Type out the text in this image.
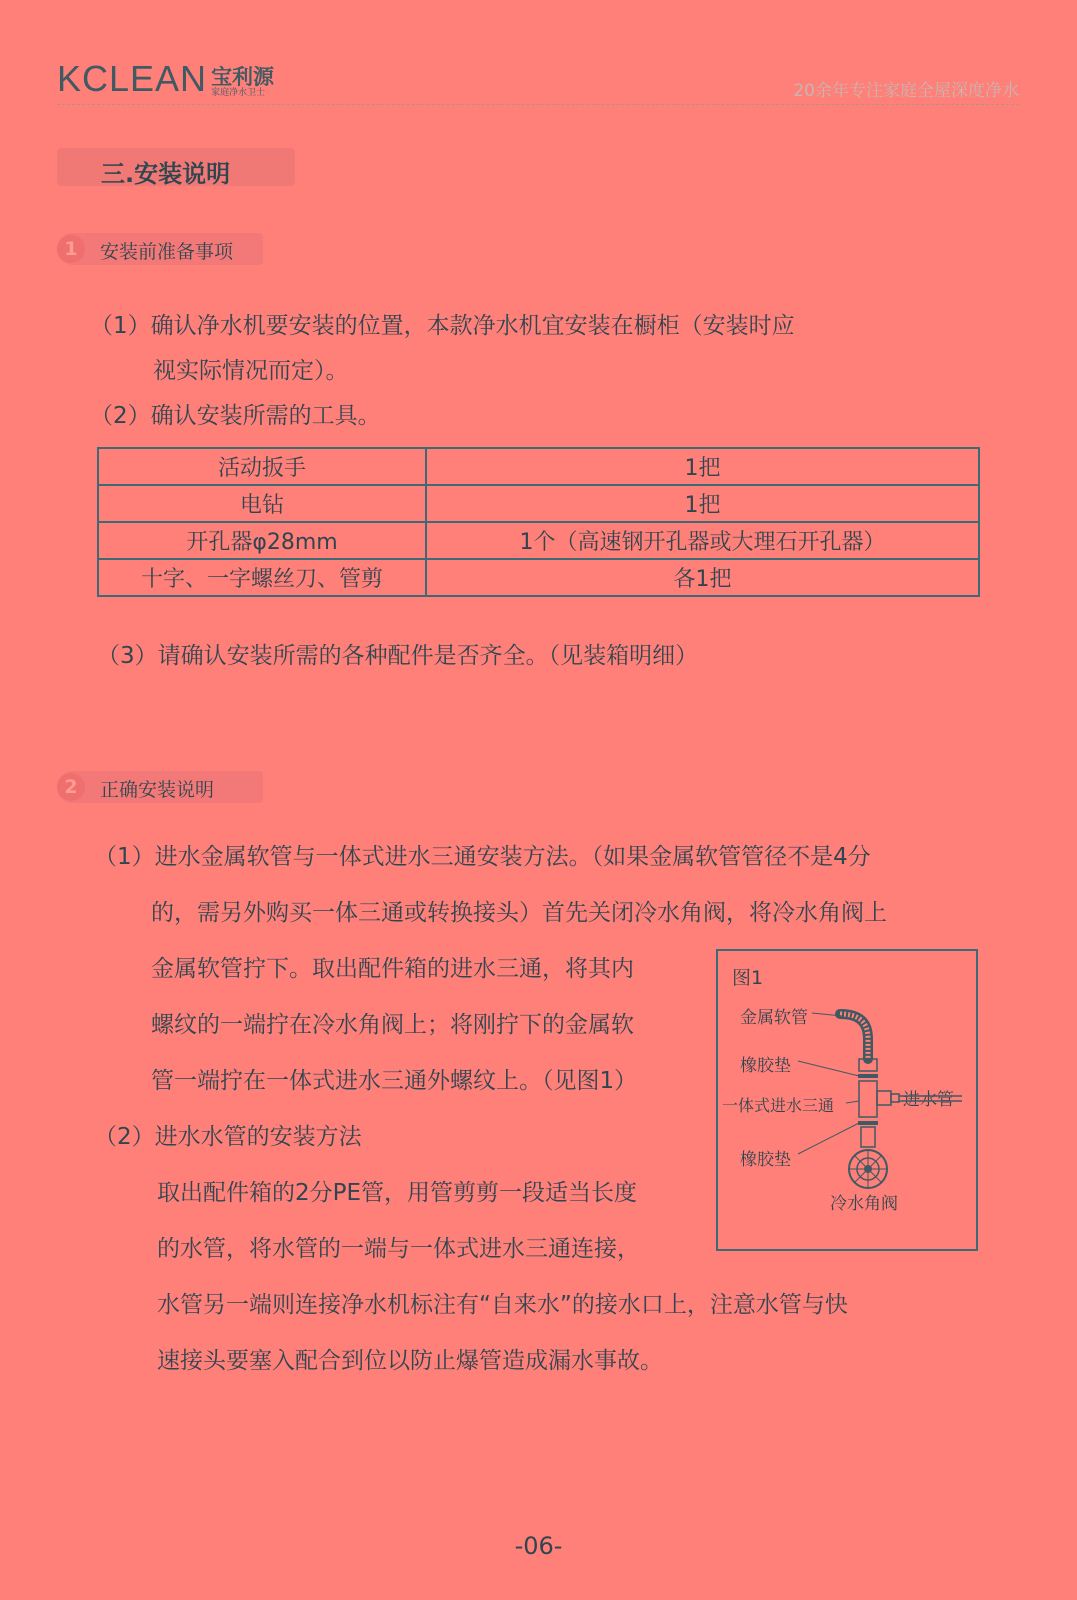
KCLEAN 宝利源
家庭净水卫士	20余年专注家庭全屋深度净水
三.安装说明
1	安装前准备事项
（1）确认净水机要安装的位置，本款净水机宜安装在橱柜（安装时应
视实际情况而定）。
（2）确认安装所需的工具。
活动扳手	1把
电钻	1把
开孔器φ28mm	1个（高速钢开孔器或大理石开孔器）
十字、一字螺丝刀、管剪	各1把
（3）请确认安装所需的各种配件是否齐全。（见装箱明细）
2	正确安装说明
（1）进水金属软管与一体式进水三通安装方法。（如果金属软管管径不是4分
的，需另外购买一体三通或转换接头）首先关闭冷水角阀，将冷水角阀上
金属软管拧下。取出配件箱的进水三通，将其内
螺纹的一端拧在冷水角阀上；将刚拧下的金属软
管一端拧在一体式进水三通外螺纹上。（见图1）
（2）进水水管的安装方法
取出配件箱的2分PE管，用管剪剪一段适当长度
的水管，将水管的一端与一体式进水三通连接，
水管另一端则连接净水机标注有“自来水”的接水口上，注意水管与快
速接头要塞入配合到位以防止爆管造成漏水事故。
图1
金属软管
橡胶垫
一体式进水三通	进水管
橡胶垫
冷水角阀
-06-
